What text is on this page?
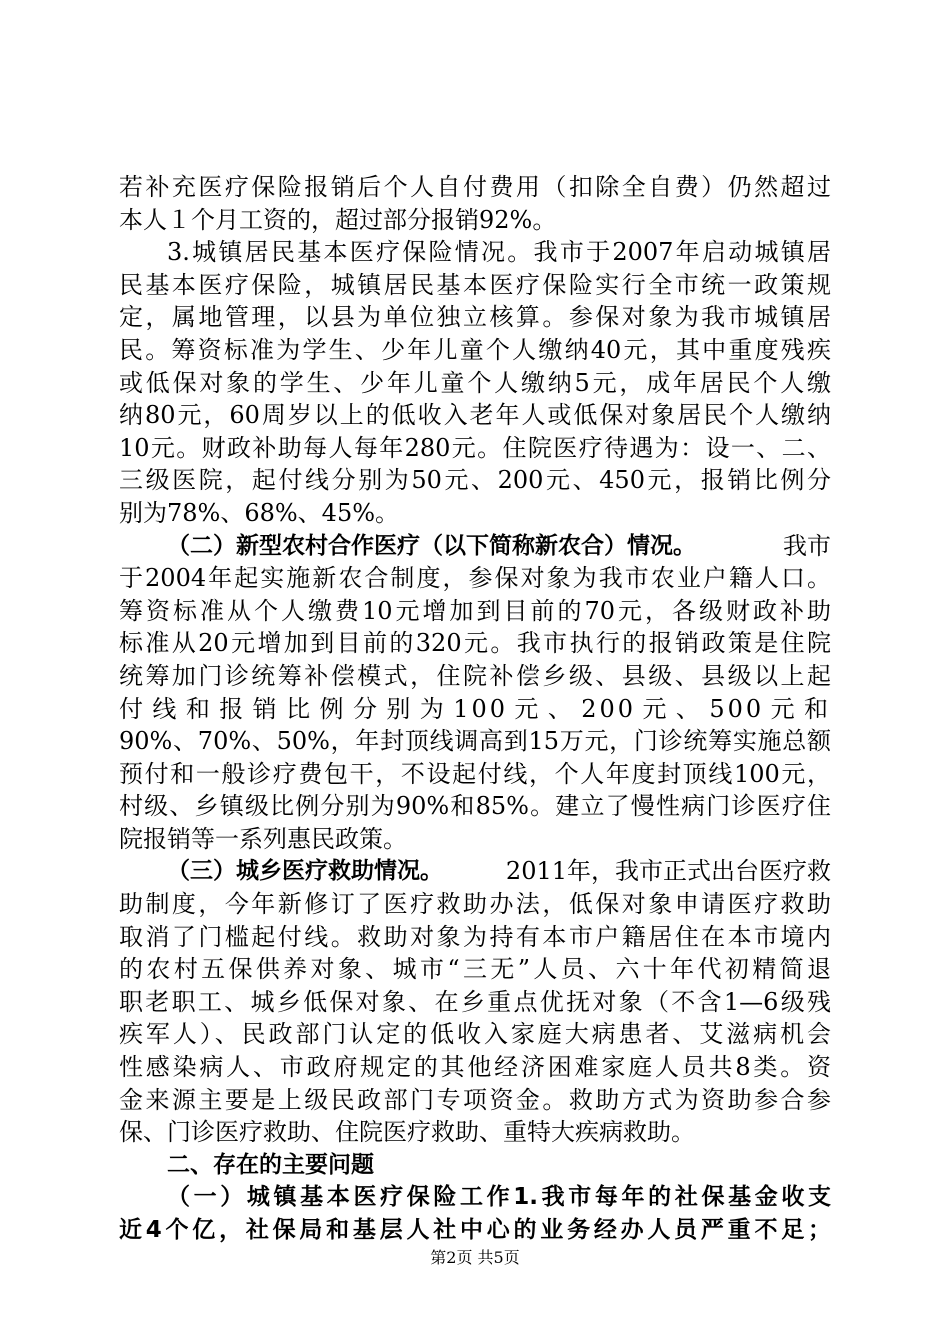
若补充医疗保险报销后个人自付费用（扣除全自费）仍然超过
本人１个月工资的，超过部分报销92%。
3.城镇居民基本医疗保险情况。我市于2007年启动城镇居
民基本医疗保险，城镇居民基本医疗保险实行全市统一政策规
定，属地管理，以县为单位独立核算。参保对象为我市城镇居
民。筹资标准为学生、少年儿童个人缴纳40元，其中重度残疾
或低保对象的学生、少年儿童个人缴纳5元，成年居民个人缴
纳80元，60周岁以上的低收入老年人或低保对象居民个人缴纳
10元。财政补助每人每年280元。住院医疗待遇为：设一、二、
三级医院，起付线分别为50元、200元、450元，报销比例分
别为78%、68%、45%。
（二）新型农村合作医疗（以下简称新农合）情况。	我市
于2004年起实施新农合制度，参保对象为我市农业户籍人口。
筹资标准从个人缴费10元增加到目前的70元，各级财政补助
标准从20元增加到目前的320元。我市执行的报销政策是住院
统筹加门诊统筹补偿模式，住院补偿乡级、县级、县级以上起
付线和报销比例分别为100元、200元、500元和
90%、70%、50%，年封顶线调高到15万元，门诊统筹实施总额
预付和一般诊疗费包干，不设起付线，个人年度封顶线100元，
村级、乡镇级比例分别为90%和85%。建立了慢性病门诊医疗住
院报销等一系列惠民政策。
（三）城乡医疗救助情况。	2011年，我市正式出台医疗救
助制度，今年新修订了医疗救助办法，低保对象申请医疗救助
取消了门槛起付线。救助对象为持有本市户籍居住在本市境内
的农村五保供养对象、城市“三无”人员、六十年代初精简退
职老职工、城乡低保对象、在乡重点优抚对象（不含1—6级残
疾军人）、民政部门认定的低收入家庭大病患者、艾滋病机会
性感染病人、市政府规定的其他经济困难家庭人员共8类。资
金来源主要是上级民政部门专项资金。救助方式为资助参合参
保、门诊医疗救助、住院医疗救助、重特大疾病救助。
二、存在的主要问题
（一）城镇基本医疗保险工作1.我市每年的社保基金收支
近4个亿，社保局和基层人社中心的业务经办人员严重不足；
第2页 共5页
